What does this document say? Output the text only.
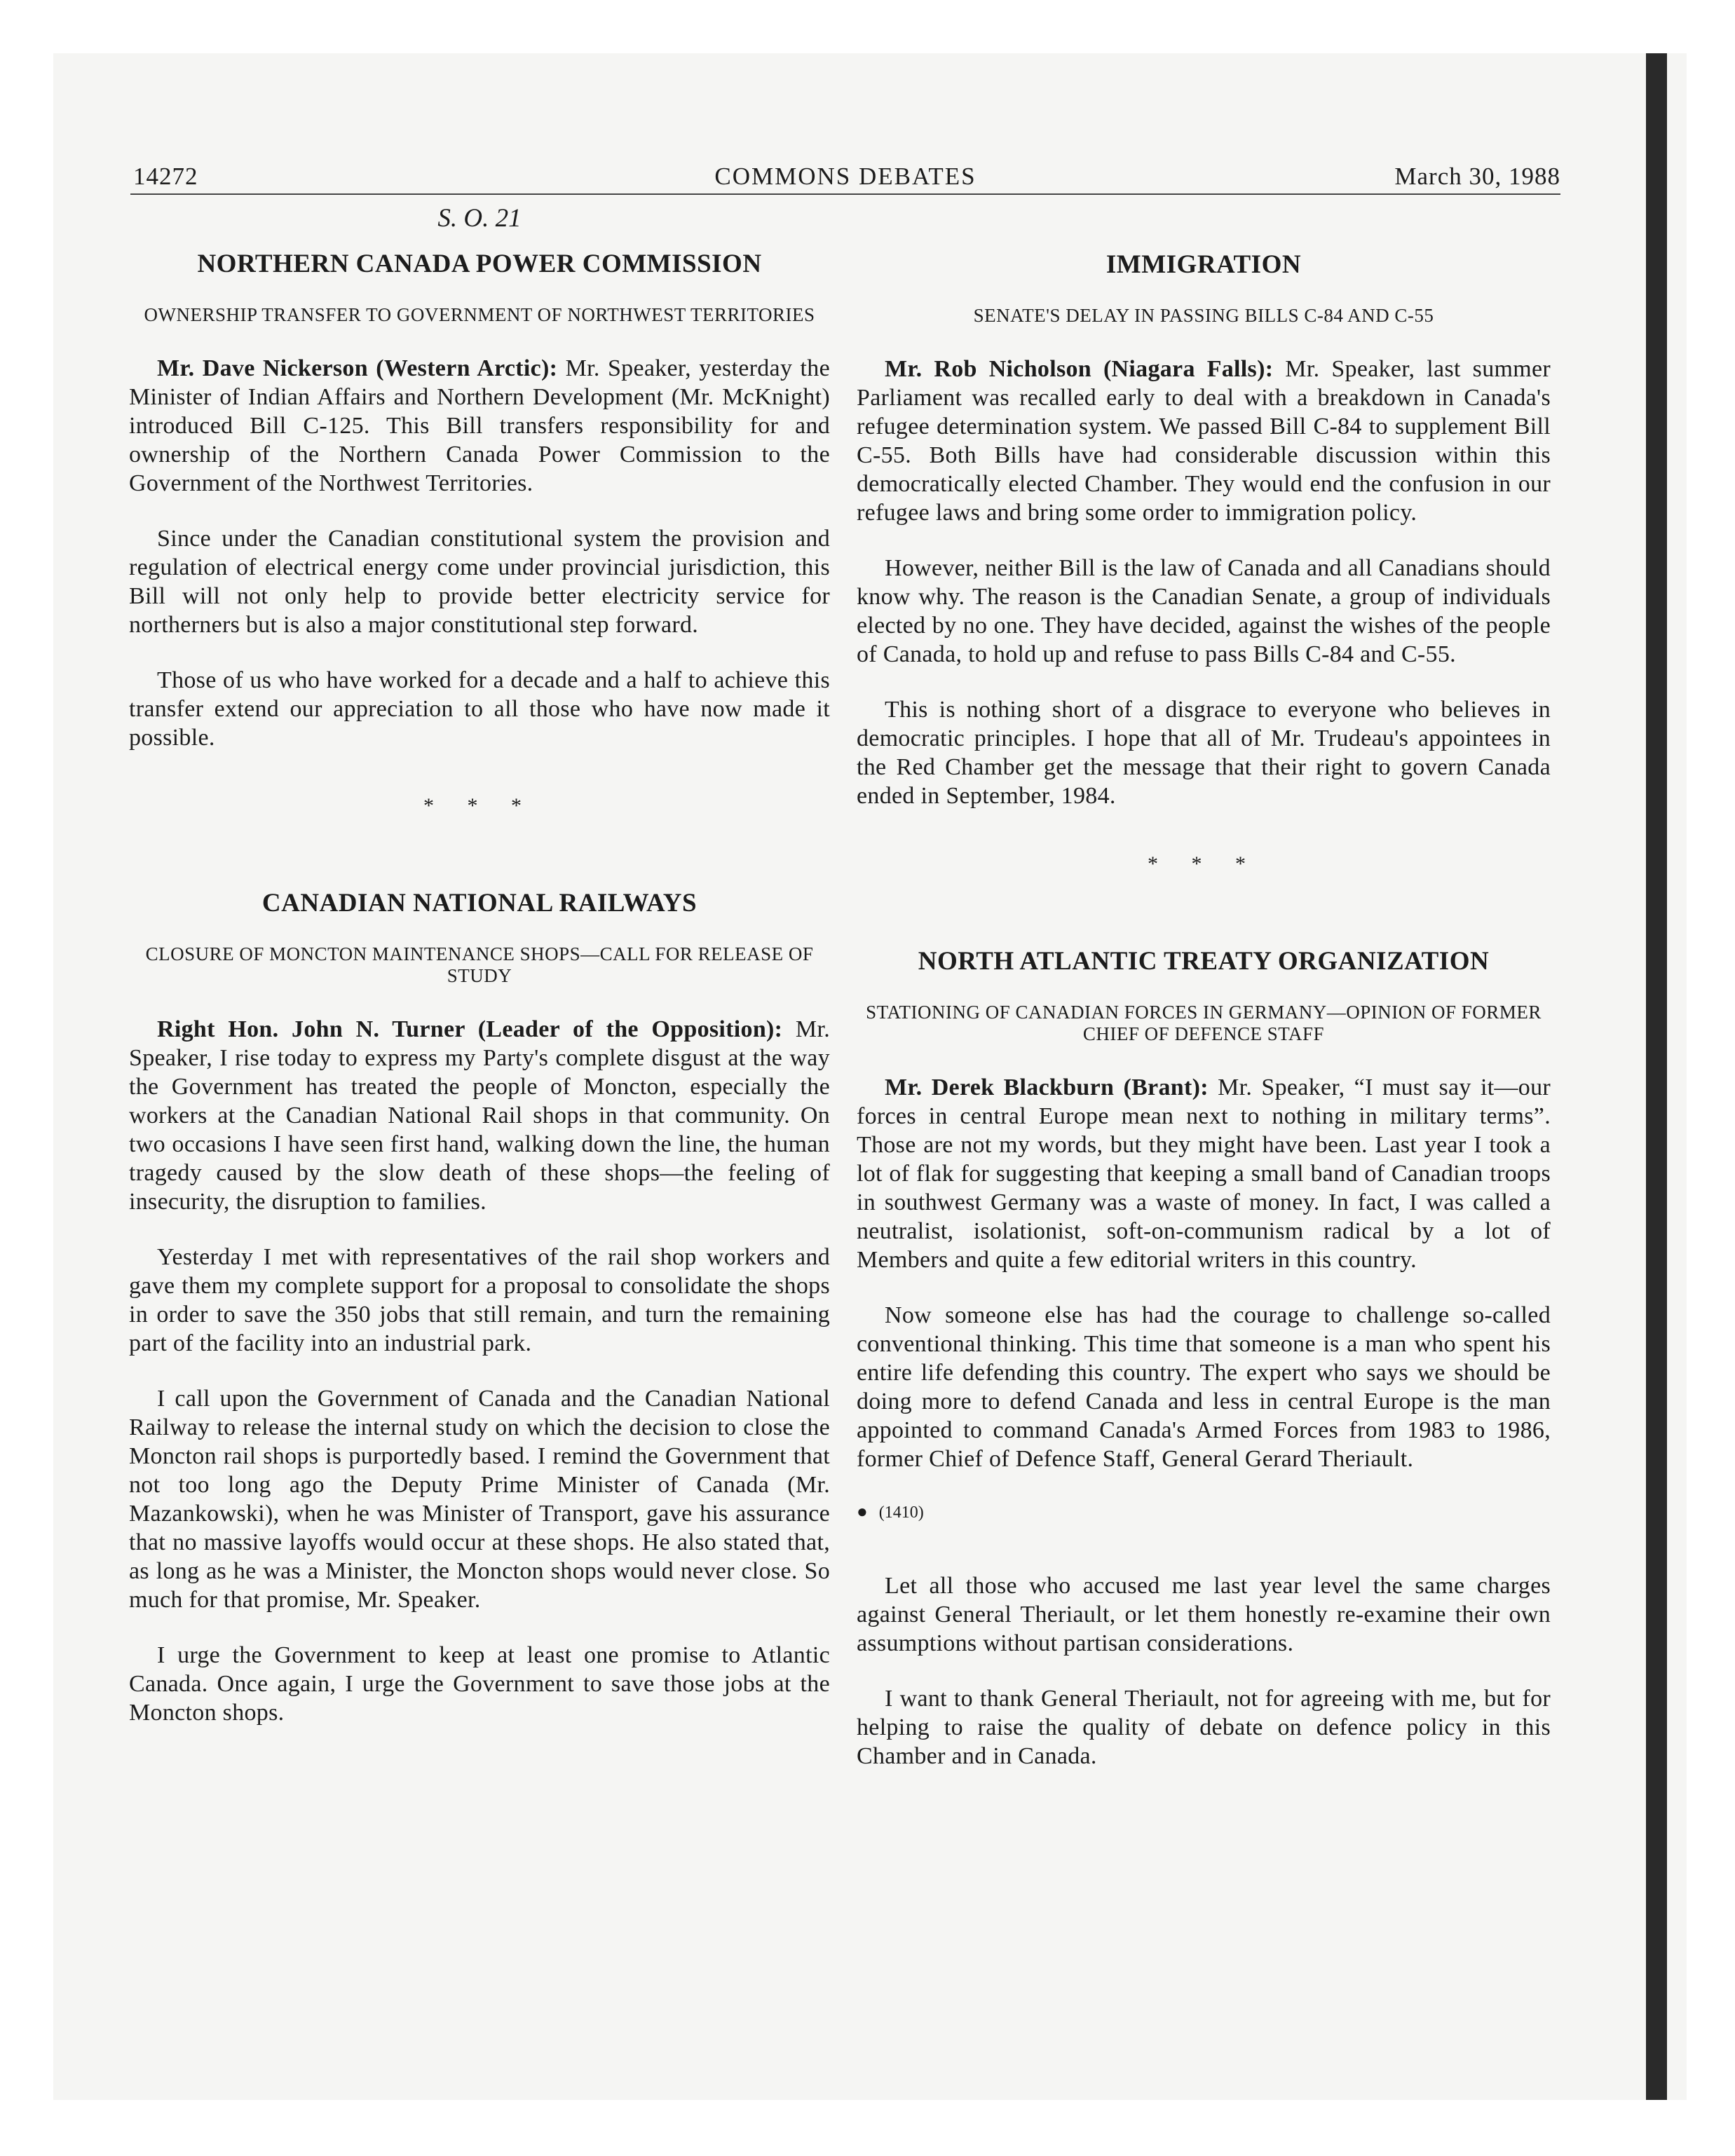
14272	COMMONS DEBATES	March 30, 1988
S. O. 21
NORTHERN CANADA POWER COMMISSION
OWNERSHIP TRANSFER TO GOVERNMENT OF NORTHWEST TERRITORIES

Mr. Dave Nickerson (Western Arctic): Mr. Speaker, yesterday the Minister of Indian Affairs and Northern Development (Mr. McKnight) introduced Bill C-125. This Bill transfers responsibility for and ownership of the Northern Canada Power Commission to the Government of the Northwest Territories.

Since under the Canadian constitutional system the provision and regulation of electrical energy come under provincial jurisdiction, this Bill will not only help to provide better electricity service for northerners but is also a major constitutional step forward.

Those of us who have worked for a decade and a half to achieve this transfer extend our appreciation to all those who have now made it possible.

* * *
CANADIAN NATIONAL RAILWAYS
CLOSURE OF MONCTON MAINTENANCE SHOPS—CALL FOR RELEASE OF STUDY

Right Hon. John N. Turner (Leader of the Opposition): Mr. Speaker, I rise today to express my Party's complete disgust at the way the Government has treated the people of Moncton, especially the workers at the Canadian National Rail shops in that community. On two occasions I have seen first hand, walking down the line, the human tragedy caused by the slow death of these shops—the feeling of insecurity, the disruption to families.

Yesterday I met with representatives of the rail shop workers and gave them my complete support for a proposal to consolidate the shops in order to save the 350 jobs that still remain, and turn the remaining part of the facility into an industrial park.

I call upon the Government of Canada and the Canadian National Railway to release the internal study on which the decision to close the Moncton rail shops is purportedly based. I remind the Government that not too long ago the Deputy Prime Minister of Canada (Mr. Mazankowski), when he was Minister of Transport, gave his assurance that no massive layoffs would occur at these shops. He also stated that, as long as he was a Minister, the Moncton shops would never close. So much for that promise, Mr. Speaker.

I urge the Government to keep at least one promise to Atlantic Canada. Once again, I urge the Government to save those jobs at the Moncton shops.

IMMIGRATION
SENATE'S DELAY IN PASSING BILLS C-84 AND C-55

Mr. Rob Nicholson (Niagara Falls): Mr. Speaker, last summer Parliament was recalled early to deal with a breakdown in Canada's refugee determination system. We passed Bill C-84 to supplement Bill C-55. Both Bills have had considerable discussion within this democratically elected Chamber. They would end the confusion in our refugee laws and bring some order to immigration policy.

However, neither Bill is the law of Canada and all Canadians should know why. The reason is the Canadian Senate, a group of individuals elected by no one. They have decided, against the wishes of the people of Canada, to hold up and refuse to pass Bills C-84 and C-55.

This is nothing short of a disgrace to everyone who believes in democratic principles. I hope that all of Mr. Trudeau's appointees in the Red Chamber get the message that their right to govern Canada ended in September, 1984.

* * *
NORTH ATLANTIC TREATY ORGANIZATION
STATIONING OF CANADIAN FORCES IN GERMANY—OPINION OF FORMER CHIEF OF DEFENCE STAFF

Mr. Derek Blackburn (Brant): Mr. Speaker, “I must say it—our forces in central Europe mean next to nothing in military terms”. Those are not my words, but they might have been. Last year I took a lot of flak for suggesting that keeping a small band of Canadian troops in southwest Germany was a waste of money. In fact, I was called a neutralist, isolationist, soft-on-communism radical by a lot of Members and quite a few editorial writers in this country.

Now someone else has had the courage to challenge so-called conventional thinking. This time that someone is a man who spent his entire life defending this country. The expert who says we should be doing more to defend Canada and less in central Europe is the man appointed to command Canada's Armed Forces from 1983 to 1986, former Chief of Defence Staff, General Gerard Theriault.

● (1410)

Let all those who accused me last year level the same charges against General Theriault, or let them honestly re-examine their own assumptions without partisan considerations.

I want to thank General Theriault, not for agreeing with me, but for helping to raise the quality of debate on defence policy in this Chamber and in Canada.
